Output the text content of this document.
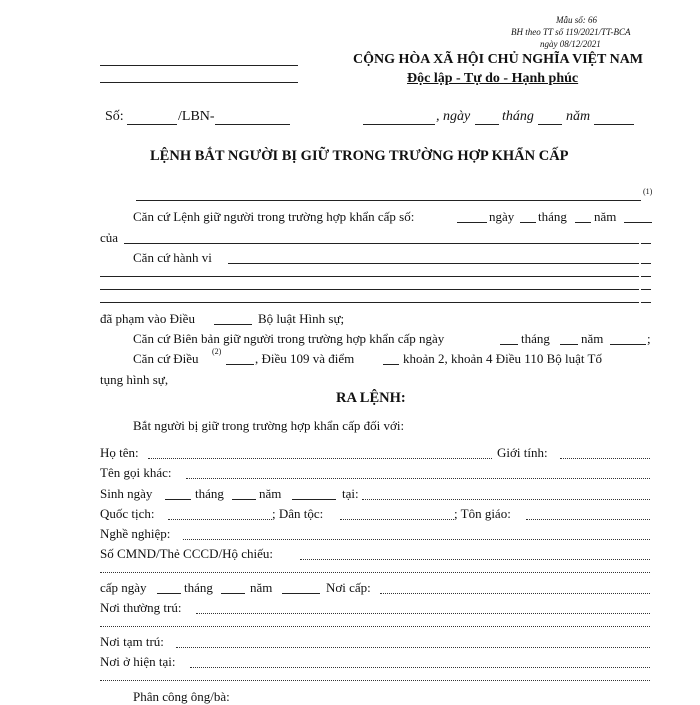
Mẫu số: 66
BH theo TT số 119/2021/TT-BCA
ngày 08/12/2021
CỘNG HÒA XÃ HỘI CHỦ NGHĨA VIỆT NAM
Độc lập - Tự do - Hạnh phúc
Số:	/LBN-	, ngày tháng năm
LỆNH BẮT NGƯỜI BỊ GIỮ TRONG TRƯỜNG HỢP KHẨN CẤP
(1)
Căn cứ Lệnh giữ người trong trường hợp khẩn cấp số:	ngày tháng năm
của
Căn cứ hành vi
đã phạm vào Điều	Bộ luật Hình sự;
Căn cứ Biên bản giữ người trong trường hợp khẩn cấp ngày	tháng năm	;
Căn cứ Điều (2)	, Điều 109 và điểm	khoản 2, khoản 4 Điều 110 Bộ luật Tố
tụng hình sự,
RA LỆNH:
Bắt người bị giữ trong trường hợp khẩn cấp đối với:
Họ tên:	Giới tính:
Tên gọi khác:
Sinh ngày	tháng	năm	tại:
Quốc tịch:	; Dân tộc:	; Tôn giáo:
Nghề nghiệp:
Số CMND/Thẻ CCCD/Hộ chiếu:
cấp ngày	tháng	năm	Nơi cấp:
Nơi thường trú:
Nơi tạm trú:
Nơi ở hiện tại:
Phân công ông/bà:
